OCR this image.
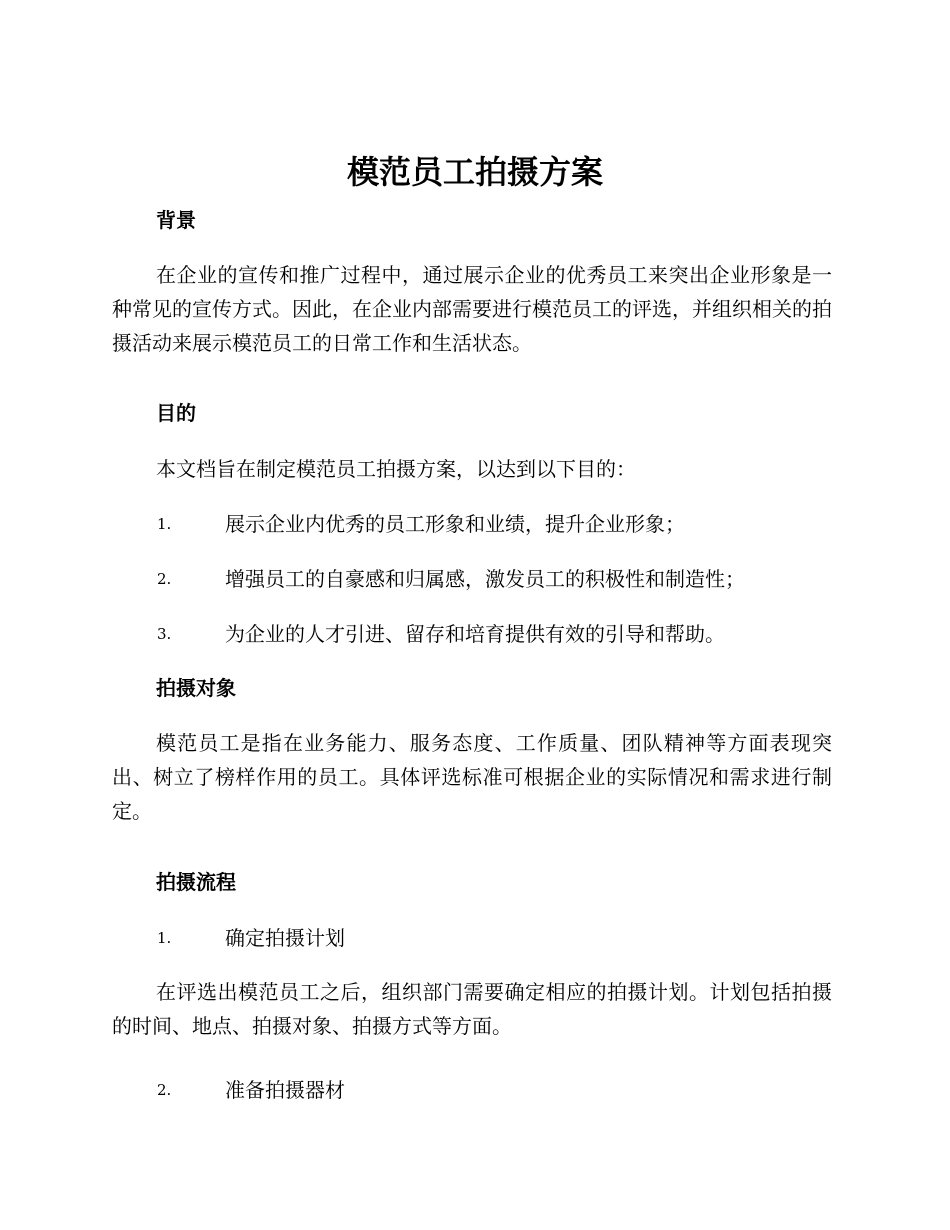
模范员工拍摄方案
背景

在企业的宣传和推广过程中，通过展示企业的优秀员工来突出企业形象是一种常见的宣传方式。因此，在企业内部需要进行模范员工的评选，并组织相关的拍摄活动来展示模范员工的日常工作和生活状态。

目的

本文档旨在制定模范员工拍摄方案，以达到以下目的：

1.	展示企业内优秀的员工形象和业绩，提升企业形象；
2.	增强员工的自豪感和归属感，激发员工的积极性和制造性；
3.	为企业的人才引进、留存和培育提供有效的引导和帮助。
拍摄对象

模范员工是指在业务能力、服务态度、工作质量、团队精神等方面表现突出、树立了榜样作用的员工。具体评选标准可根据企业的实际情况和需求进行制定。

拍摄流程
1.	确定拍摄计划

在评选出模范员工之后，组织部门需要确定相应的拍摄计划。计划包括拍摄的时间、地点、拍摄对象、拍摄方式等方面。

2.	准备拍摄器材
